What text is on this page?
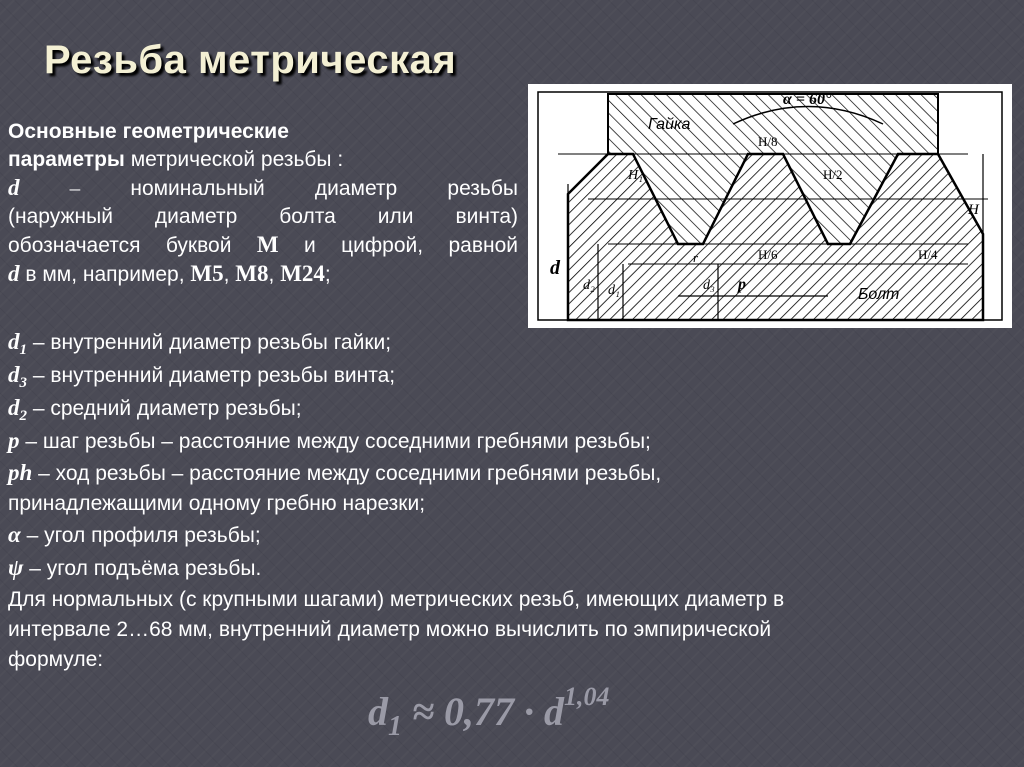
Резьба метрическая
Основные геометрические
параметры метрической резьбы :
d – номинальный диаметр резьбы
(наружный диаметр болта или винта)
обозначается буквой М и цифрой, равной
d в мм, например, М5, М8, М24;
α = 60°
Гайка
Болт
H/8
H/2
H/4
H/6
H₁
H
d
d₂ d₁	d₃ p
r
$d_1$ – внутренний диаметр резьбы гайки;
$d_3$ – внутренний диаметр резьбы винта;
$d_2$ – средний диаметр резьбы;
p – шаг резьбы – расстояние между соседними гребнями резьбы;
ph – ход резьбы – расстояние между соседними гребнями резьбы,
принадлежащими одному гребню нарезки;
α – угол профиля резьбы;
ψ – угол подъёма резьбы.
Для нормальных (с крупными шагами) метрических резьб, имеющих диаметр в
интервале 2…68 мм, внутренний диаметр можно вычислить по эмпирической
формуле:
$d_1 \approx 0,77 \cdot d^{1,04}$
